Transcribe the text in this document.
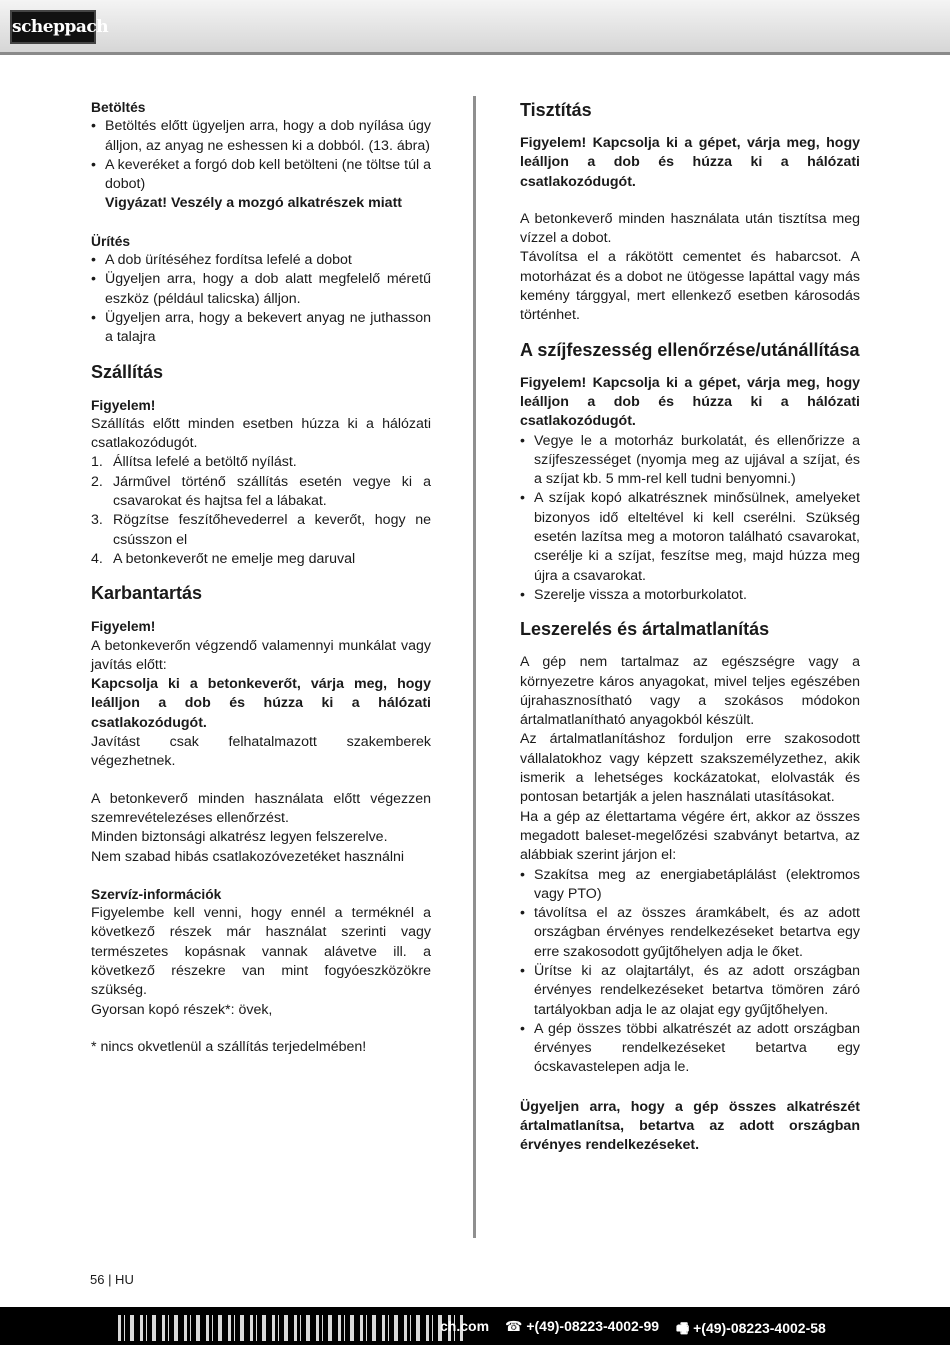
scheppach
Betöltés
• Betöltés előtt ügyeljen arra, hogy a dob nyílása úgy álljon, az anyag ne eshessen ki a dobból. (13. ábra)
• A keveréket a forgó dob kell betölteni (ne töltse túl a dobot)
Vigyázat! Veszély a mozgó alkatrészek miatt
Ürítés
• A dob ürítéséhez fordítsa lefelé a dobot
• Ügyeljen arra, hogy a dob alatt megfelelő méretű eszköz (például talicska) álljon.
• Ügyeljen arra, hogy a bekevert anyag ne juthasson a talajra
Szállítás
Figyelem!

Szállítás előtt minden esetben húzza ki a hálózati csatlakozódugót.

1. Állítsa lefelé a betöltő nyílást.
2. Járművel történő szállítás esetén vegye ki a csavarokat és hajtsa fel a lábakat.
3. Rögzítse feszítőhevederrel a keverőt, hogy ne csússzon el
4. A betonkeverőt ne emelje meg daruval
Karbantartás
Figyelem!

A betonkeverőn végzendő valamennyi munkálat vagy javítás előtt:

Kapcsolja ki a betonkeverőt, várja meg, hogy leálljon a dob és húzza ki a hálózati csatlakozódugót.

Javítást csak felhatalmazott szakemberek végezhetnek.

A betonkeverő minden használata előtt végezzen szemrevételezéses ellenőrzést.

Minden biztonsági alkatrész legyen felszerelve.

Nem szabad hibás csatlakozóvezetéket használni

Szervíz-információk

Figyelembe kell venni, hogy ennél a terméknél a következő részek már használat szerinti vagy természetes kopásnak vannak alávetve ill. a következő részekre van mint fogyóeszközökre szükség.

Gyorsan kopó részek*: övek,

* nincs okvetlenül a szállítás terjedelmében!

Tisztítás

Figyelem! Kapcsolja ki a gépet, várja meg, hogy leálljon a dob és húzza ki a hálózati csatlakozódugót.

A betonkeverő minden használata után tisztítsa meg vízzel a dobot.

Távolítsa el a rákötött cementet és habarcsot. A motorházat és a dobot ne ütögesse lapáttal vagy más kemény tárggyal, mert ellenkező esetben károsodás történhet.

A szíjfeszesség ellenőrzése/utánállítása

Figyelem! Kapcsolja ki a gépet, várja meg, hogy leálljon a dob és húzza ki a hálózati csatlakozódugót.

• Vegye le a motorház burkolatát, és ellenőrizze a szíjfeszességet (nyomja meg az ujjával a szíjat, és a szíjat kb. 5 mm-rel kell tudni benyomni.)
• A szíjak kopó alkatrésznek minősülnek, amelyeket bizonyos idő elteltével ki kell cserélni. Szükség esetén lazítsa meg a motoron található csavarokat, cserélje ki a szíjat, feszítse meg, majd húzza meg újra a csavarokat.
• Szerelje vissza a motorburkolatot.
Leszerelés és ártalmatlanítás

A gép nem tartalmaz az egészségre vagy a környezetre káros anyagokat, mivel teljes egészében újrahasznosítható vagy a szokásos módokon ártalmatlanítható anyagokból készült.

Az ártalmatlanításhoz forduljon erre szakosodott vállalatokhoz vagy képzett szakszemélyzethez, akik ismerik a lehetséges kockázatokat, elolvasták és pontosan betartják a jelen használati utasításokat.

Ha a gép az élettartama végére ért, akkor az összes megadott baleset-megelőzési szabványt betartva, az alábbiak szerint járjon el:

• Szakítsa meg az energiabetáplálást (elektromos vagy PTO)
• távolítsa el az összes áramkábelt, és az adott országban érvényes rendelkezéseket betartva egy erre szakosodott gyűjtőhelyen adja le őket.
• Ürítse ki az olajtartályt, és az adott országban érvényes rendelkezéseket betartva tömören záró tartályokban adja le az olajat egy gyűjtőhelyen.
• A gép összes többi alkatrészét az adott országban érvényes rendelkezéseket betartva egy ócskavastelepen adja le.

Ügyeljen arra, hogy a gép összes alkatrészét ártalmatlanítsa, betartva az adott országban érvényes rendelkezéseket.

56 | HU
ch.com ☎ +(49)-08223-4002-99 🖷 +(49)-08223-4002-58
